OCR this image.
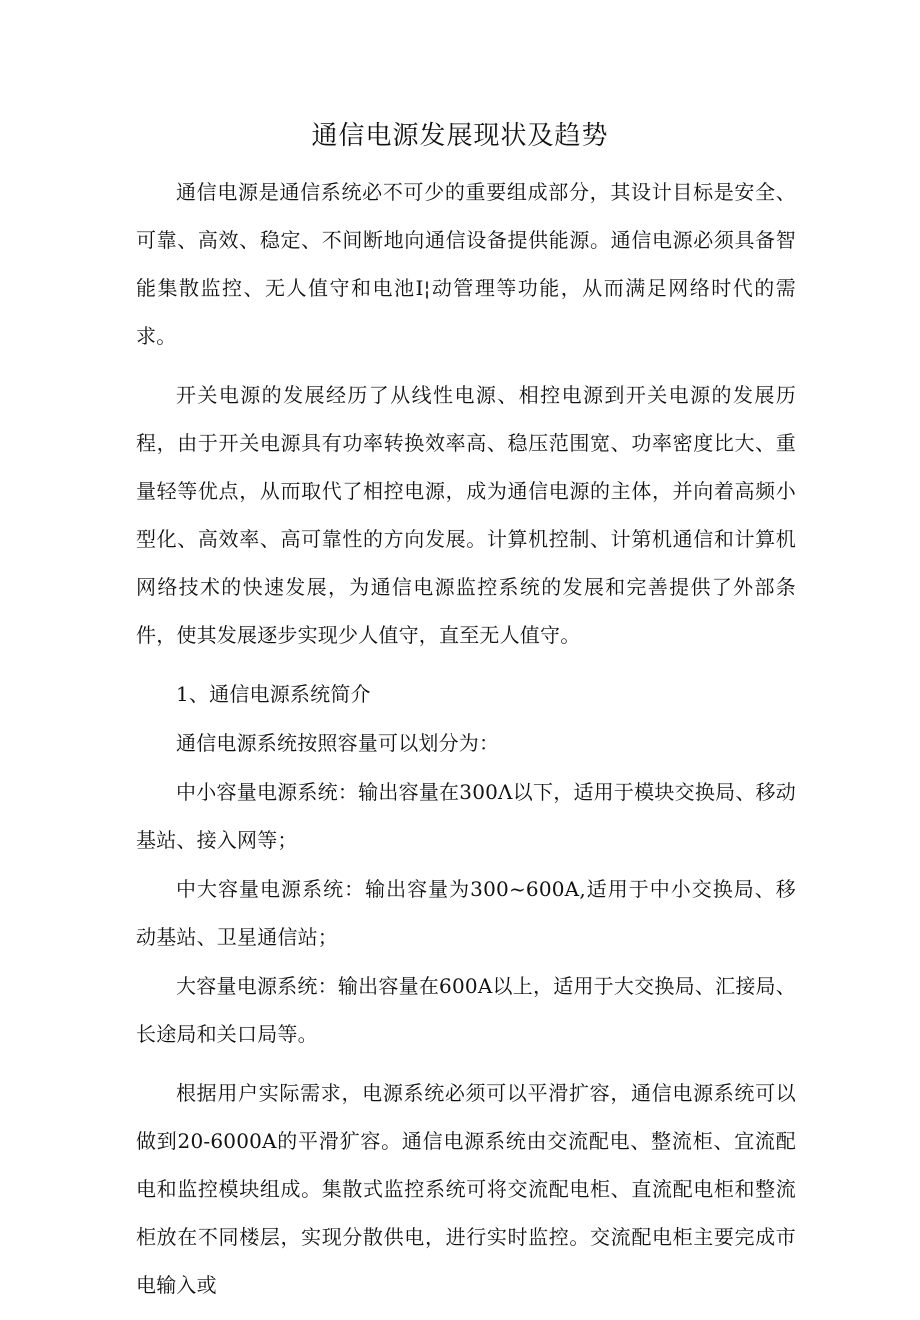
通信电源发展现状及趋势

通信电源是通信系统必不可少的重要组成部分，其设计目标是安全、可靠、高效、稳定、不间断地向通信设备提供能源。通信电源必须具备智能集散监控、无人值守和电池I¦动管理等功能，从而满足网络时代的需求。

开关电源的发展经历了从线性电源、相控电源到开关电源的发展历程，由于开关电源具有功率转换效率高、稳压范围宽、功率密度比大、重量轻等优点，从而取代了相控电源，成为通信电源的主体，并向着高频小型化、高效率、高可靠性的方向发展。计算机控制、计第机通信和计算机网络技术的快速发展，为通信电源监控系统的发展和完善提供了外部条件，使其发展逐步实现少人值守，直至无人值守。

1、通信电源系统简介

通信电源系统按照容量可以划分为：

中小容量电源系统：输出容量在300Λ以下，适用于模块交换局、移动基站、接入网等；

中大容量电源系统：输出容量为300~600A,适用于中小交换局、移动基站、卫星通信站；

大容量电源系统：输出容量在600A以上，适用于大交换局、汇接局、长途局和关口局等。

根据用户实际需求，电源系统必须可以平滑扩容，通信电源系统可以做到20-6000A的平滑犷容。通信电源系统由交流配电、整流柜、宜流配电和监控模块组成。集散式监控系统可将交流配电柜、直流配电柜和整流柜放在不同楼层，实现分散供电，进行实时监控。交流配电柜主要完成市电输入或
